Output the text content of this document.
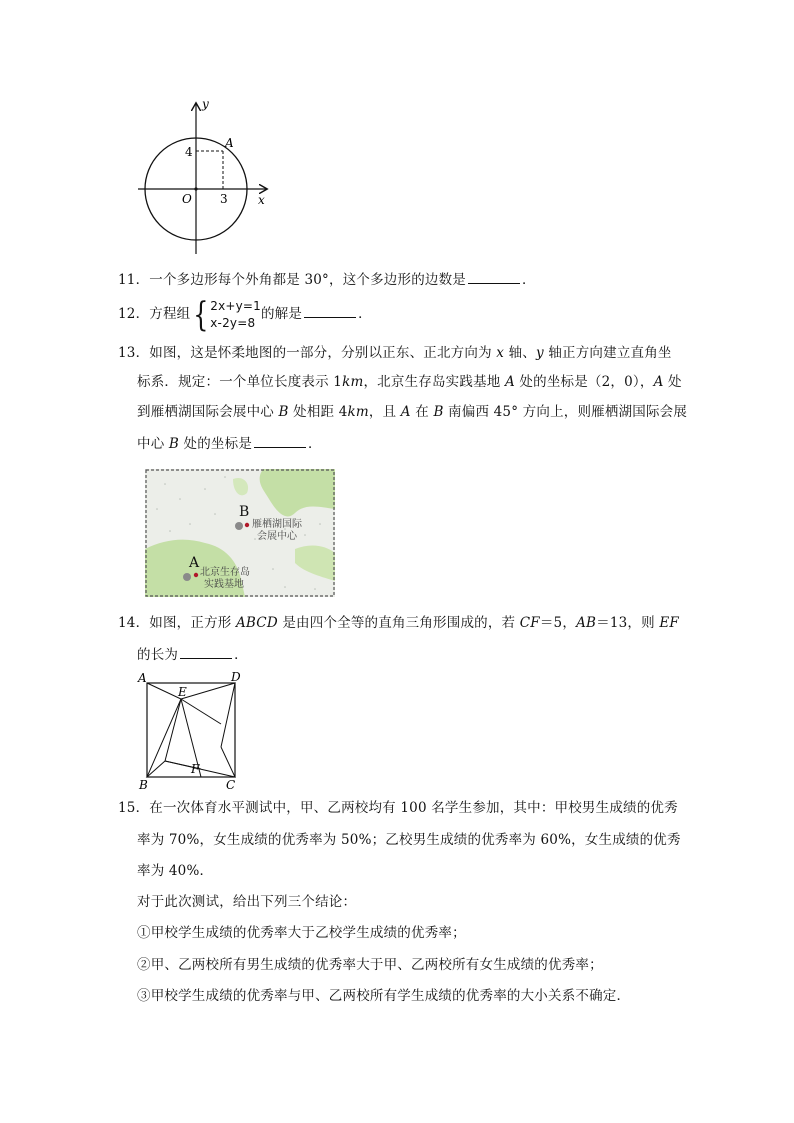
y
x
O
A
4
3
11．一个多边形每个外角都是 30°，这个多边形的边数是	．
12．方程组{2x+y=1
x-2y=8的解是	．
13．如图，这是怀柔地图的一部分，分别以正东、正北方向为 x 轴、y 轴正方向建立直角坐
标系．规定：一个单位长度表示 1km，北京生存岛实践基地 A 处的坐标是（2，0），A 处
到雁栖湖国际会展中心 B 处相距 4km，且 A 在 B 南偏西 45° 方向上，则雁栖湖国际会展
中心 B 处的坐标是	．
B
雁栖湖国际
会展中心
A
北京生存岛
实践基地
14．如图，正方形 ABCD 是由四个全等的直角三角形围成的，若 CF＝5，AB＝13，则 EF
的长为	．
A	D
B	C
E
F
15．在一次体育水平测试中，甲、乙两校均有 100 名学生参加，其中：甲校男生成绩的优秀
率为 70%，女生成绩的优秀率为 50%；乙校男生成绩的优秀率为 60%，女生成绩的优秀
率为 40%．
对于此次测试，给出下列三个结论：
①甲校学生成绩的优秀率大于乙校学生成绩的优秀率；
②甲、乙两校所有男生成绩的优秀率大于甲、乙两校所有女生成绩的优秀率；
③甲校学生成绩的优秀率与甲、乙两校所有学生成绩的优秀率的大小关系不确定．
